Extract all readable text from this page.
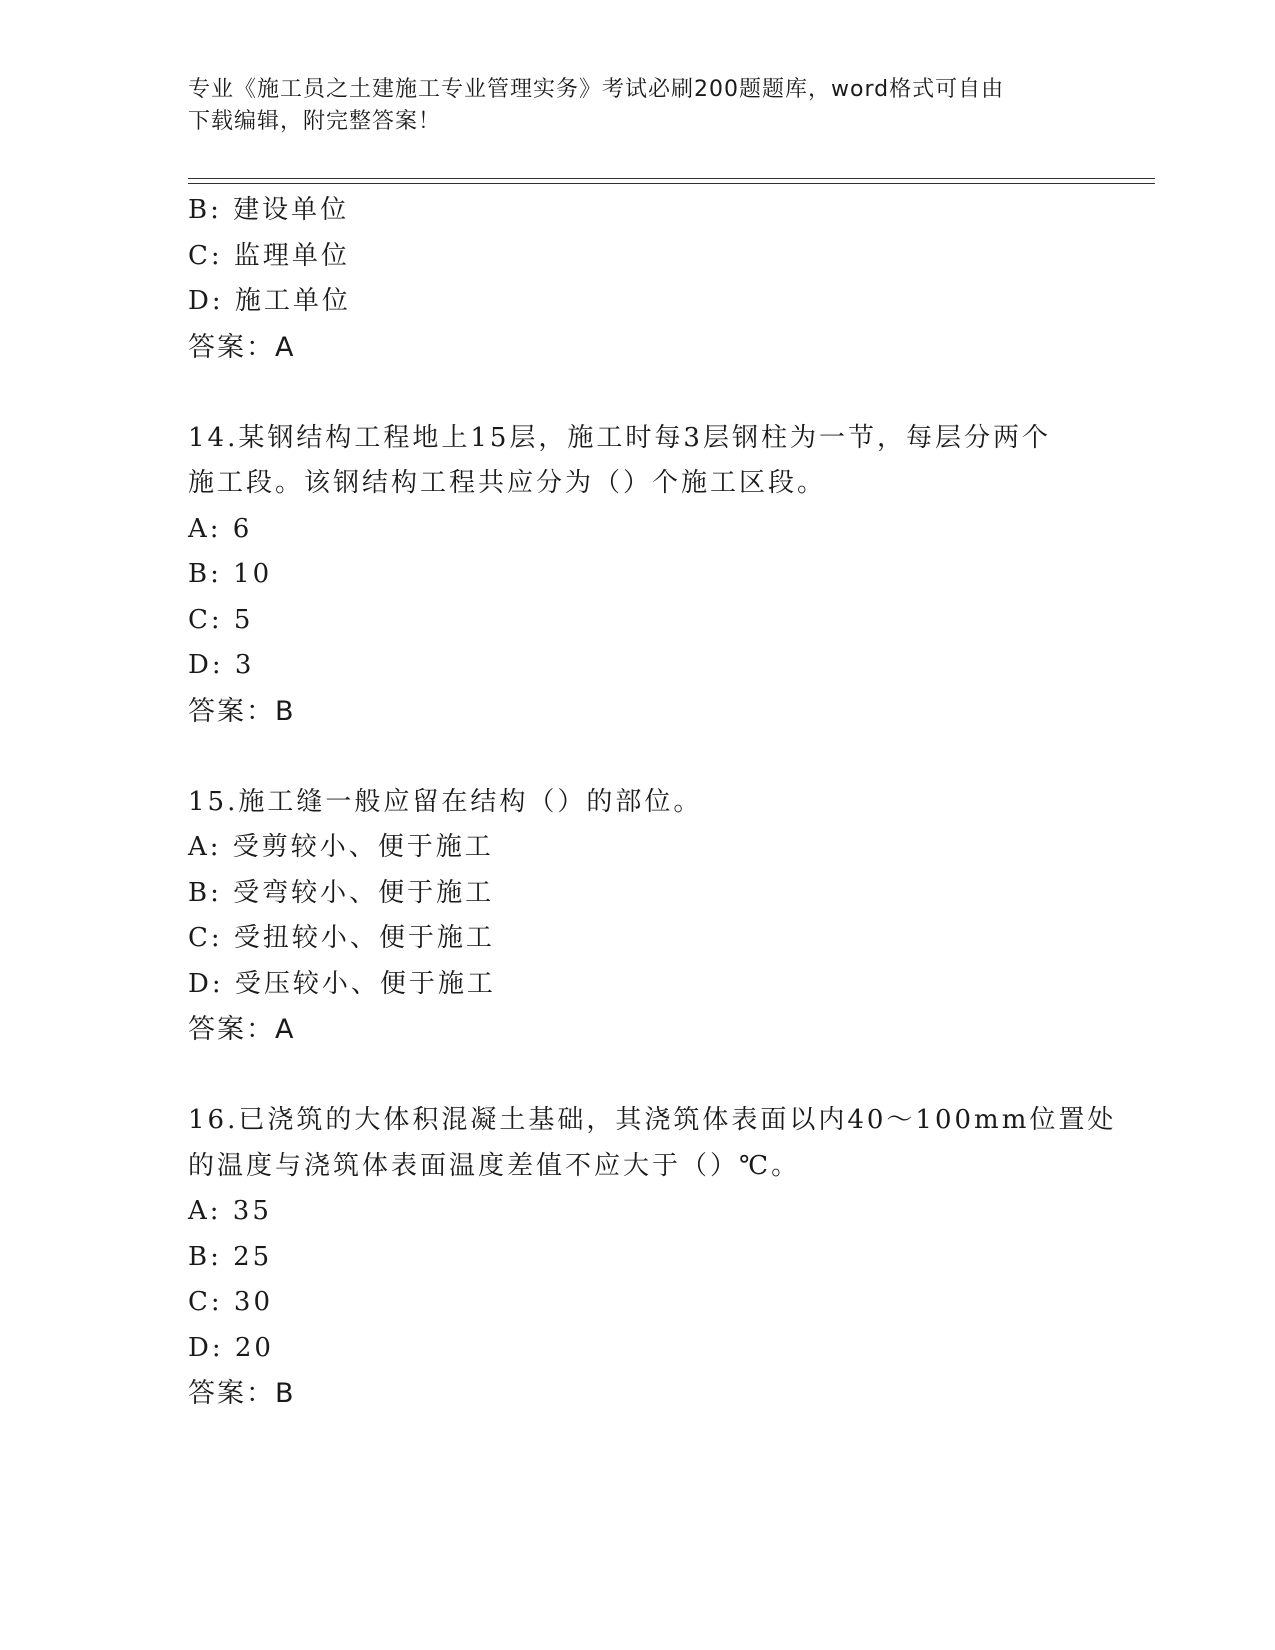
专业《施工员之土建施工专业管理实务》考试必刷200题题库，word格式可自由
下载编辑，附完整答案！
B: 建设单位
C: 监理单位
D: 施工单位
答案：A
14.某钢结构工程地上15层，施工时每3层钢柱为一节，每层分两个
施工段。该钢结构工程共应分为（）个施工区段。
A: 6
B: 10
C: 5
D: 3
答案：B
15.施工缝一般应留在结构（）的部位。
A: 受剪较小、便于施工
B: 受弯较小、便于施工
C: 受扭较小、便于施工
D: 受压较小、便于施工
答案：A
16.已浇筑的大体积混凝土基础，其浇筑体表面以内40～100mm位置处
的温度与浇筑体表面温度差值不应大于（）℃。
A: 35
B: 25
C: 30
D: 20
答案：B
